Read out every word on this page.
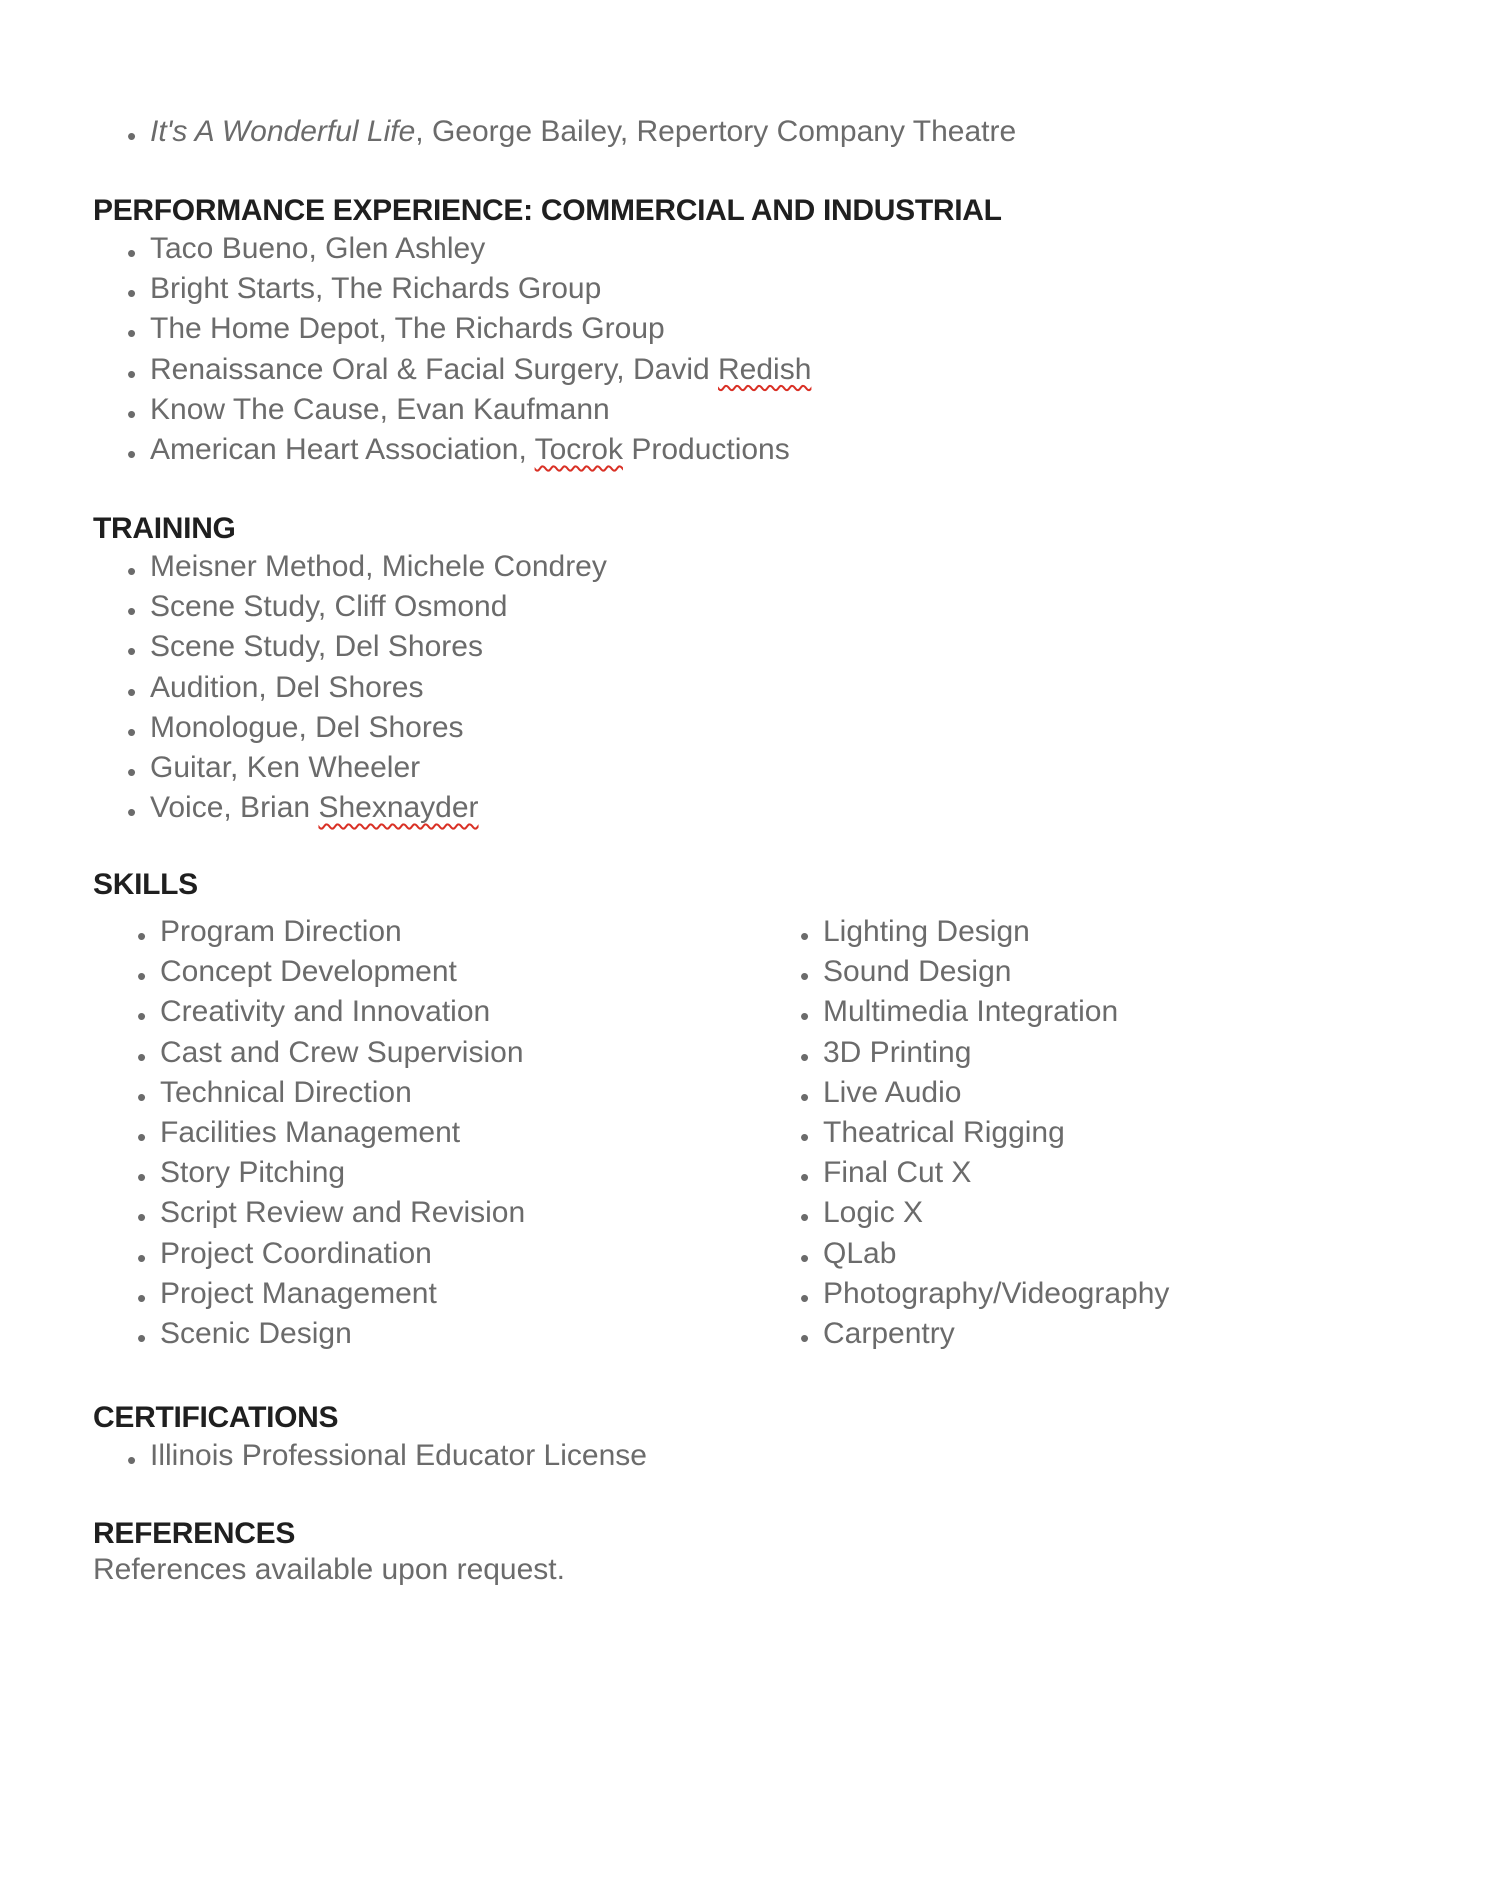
• It's A Wonderful Life, George Bailey, Repertory Company Theatre
PERFORMANCE EXPERIENCE: COMMERCIAL AND INDUSTRIAL
• Taco Bueno, Glen Ashley
• Bright Starts, The Richards Group
• The Home Depot, The Richards Group
• Renaissance Oral & Facial Surgery, David Redish
• Know The Cause, Evan Kaufmann
• American Heart Association, Tocrok Productions
TRAINING
• Meisner Method, Michele Condrey
• Scene Study, Cliff Osmond
• Scene Study, Del Shores
• Audition, Del Shores
• Monologue, Del Shores
• Guitar, Ken Wheeler
• Voice, Brian Shexnayder
SKILLS
• Program Direction
• Concept Development
• Creativity and Innovation
• Cast and Crew Supervision
• Technical Direction
• Facilities Management
• Story Pitching
• Script Review and Revision
• Project Coordination
• Project Management
• Scenic Design
• Lighting Design
• Sound Design
• Multimedia Integration
• 3D Printing
• Live Audio
• Theatrical Rigging
• Final Cut X
• Logic X
• QLab
• Photography/Videography
• Carpentry
CERTIFICATIONS
• Illinois Professional Educator License
REFERENCES
References available upon request.
